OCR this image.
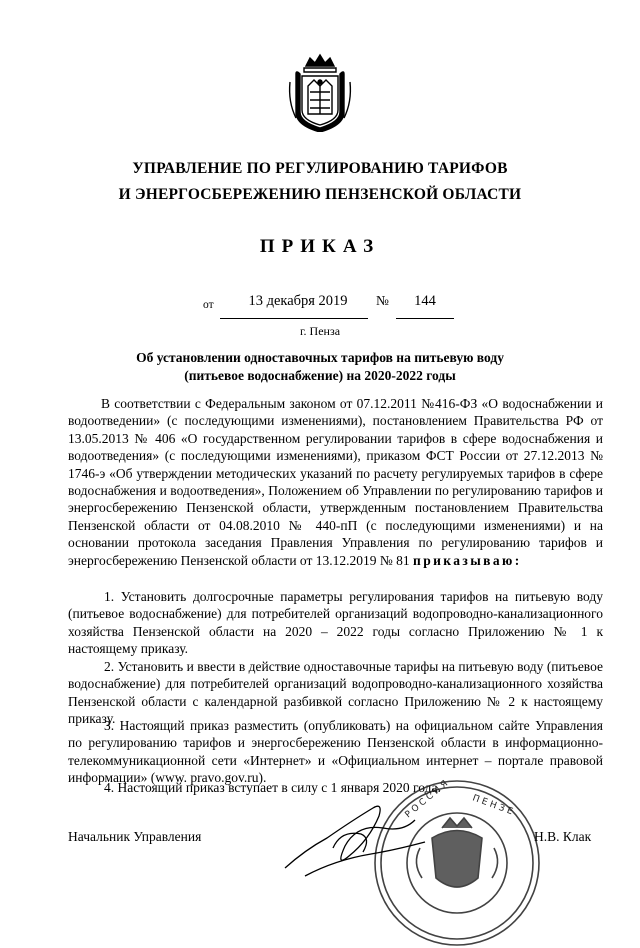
УПРАВЛЕНИЕ ПО РЕГУЛИРОВАНИЮ ТАРИФОВ
И ЭНЕРГОСБЕРЕЖЕНИЮ ПЕНЗЕНСКОЙ ОБЛАСТИ
ПРИКАЗ
от	13 декабря 2019	№	144
г. Пенза
Об установлении одноставочных тарифов на питьевую воду
(питьевое водоснабжение) на 2020-2022 годы
В соответствии с Федеральным законом от 07.12.2011 №416-ФЗ «О водоснабжении и водоотведении» (с последующими изменениями), постановлением Правительства РФ от 13.05.2013 № 406 «О государственном регулировании тарифов в сфере водоснабжения и водоотведения» (с последующими изменениями), приказом ФСТ России от 27.12.2013 № 1746-э «Об утверждении методических указаний по расчету регулируемых тарифов в сфере водоснабжения и водоотведения», Положением об Управлении по регулированию тарифов и энергосбережению Пензенской области, утвержденным постановлением Правительства Пензенской области от 04.08.2010 № 440-пП (с последующими изменениями) и на основании протокола заседания Правления Управления по регулированию тарифов и энергосбережению Пензенской области от 13.12.2019 № 81 приказываю:
1. Установить долгосрочные параметры регулирования тарифов на питьевую воду (питьевое водоснабжение) для потребителей организаций водопроводно-канализационного хозяйства Пензенской области на 2020 – 2022 годы согласно Приложению № 1 к настоящему приказу.
2. Установить и ввести в действие одноставочные тарифы на питьевую воду (питьевое водоснабжение) для потребителей организаций водопроводно-канализационного хозяйства Пензенской области с календарной разбивкой согласно Приложению № 2 к настоящему приказу.
3. Настоящий приказ разместить (опубликовать) на официальном сайте Управления по регулированию тарифов и энергосбережению Пензенской области в информационно-телекоммуникационной сети «Интернет» и «Официальном интернет – портале правовой информации» (www. pravo.gov.ru).
4. Настоящий приказ вступает в силу с 1 января 2020 года.
Р О С С И Я П Е Н З Е
Начальник Управления	Н.В. Клак
